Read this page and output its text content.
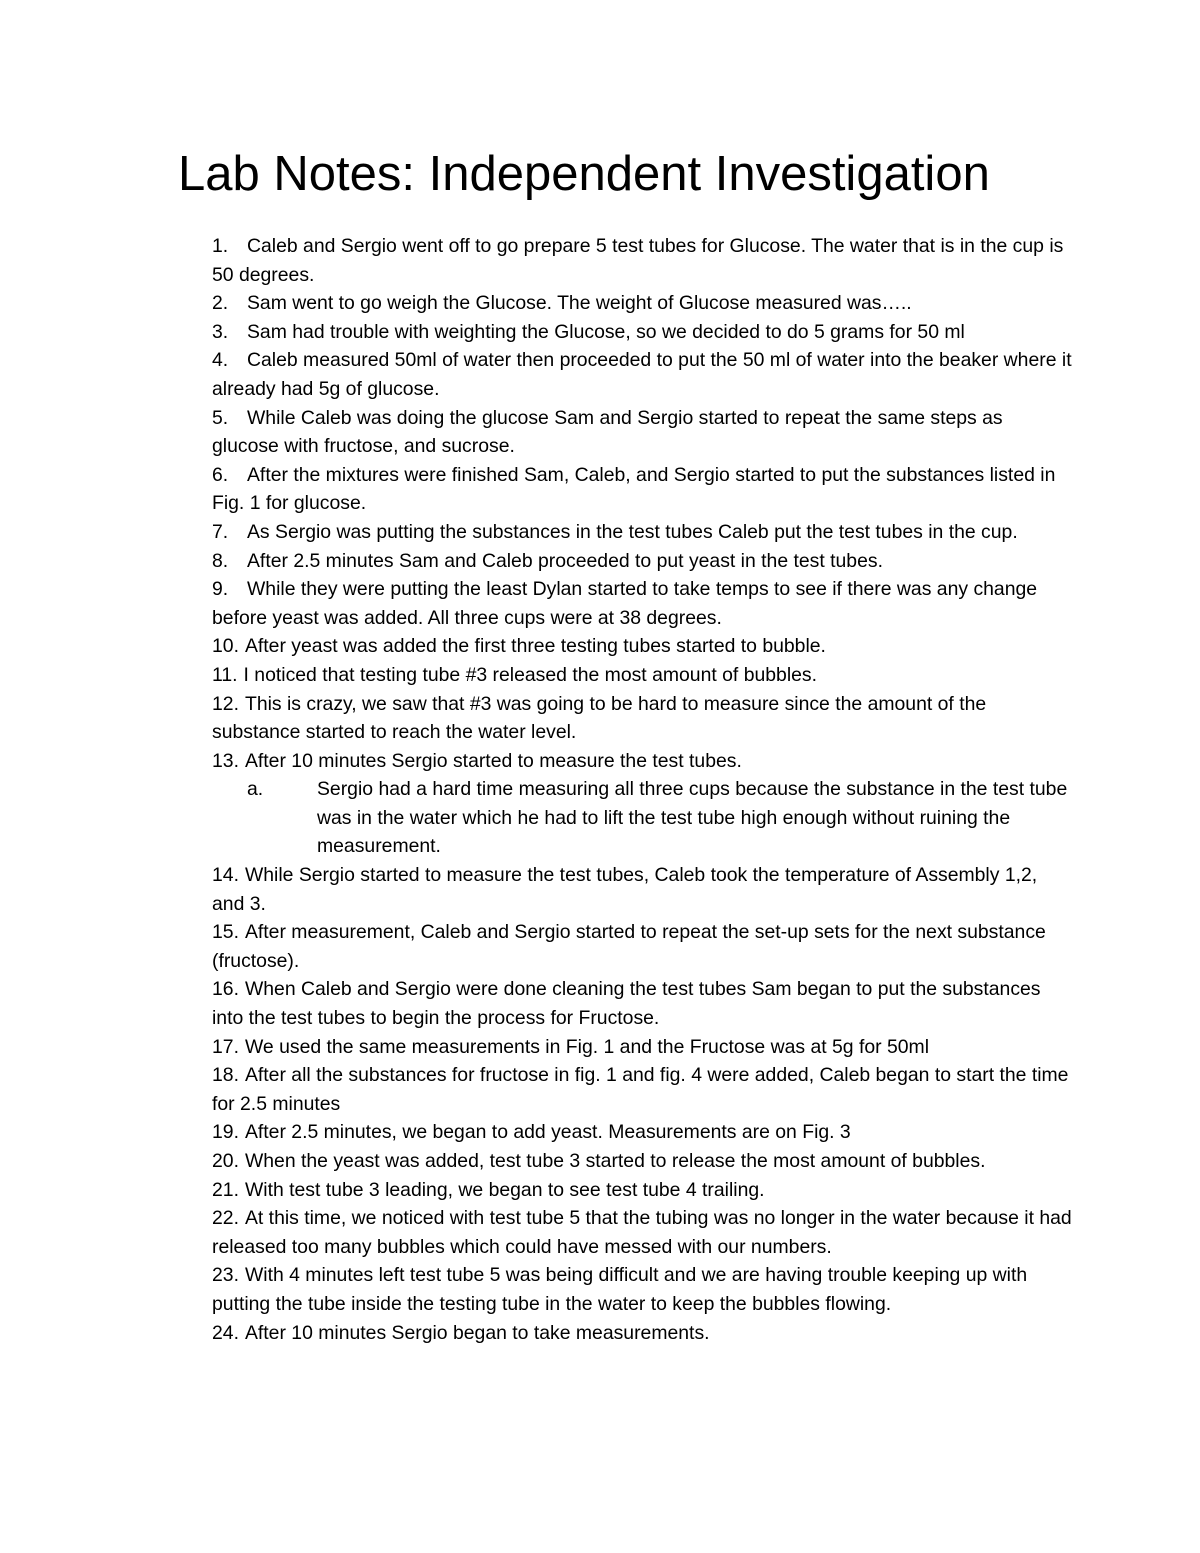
Lab Notes: Independent Investigation
1. Caleb and Sergio went off to go prepare 5 test tubes for Glucose. The water that is in the cup is 50 degrees.
2. Sam went to go weigh the Glucose. The weight of Glucose measured was…..
3. Sam had trouble with weighting the Glucose, so we decided to do 5 grams for 50 ml
4. Caleb measured 50ml of water then proceeded to put the 50 ml of water into the beaker where it already had 5g of glucose.
5. While Caleb was doing the glucose Sam and Sergio started to repeat the same steps as glucose with fructose, and sucrose.
6. After the mixtures were finished Sam, Caleb, and Sergio started to put the substances listed in Fig. 1 for glucose.
7. As Sergio was putting the substances in the test tubes Caleb put the test tubes in the cup.
8. After 2.5 minutes Sam and Caleb proceeded to put yeast in the test tubes.
9. While they were putting the least Dylan started to take temps to see if there was any change before yeast was added. All three cups were at 38 degrees.
10. After yeast was added the first three testing tubes started to bubble.
11. I noticed that testing tube #3 released the most amount of bubbles.
12. This is crazy, we saw that #3 was going to be hard to measure since the amount of the substance started to reach the water level.
13. After 10 minutes Sergio started to measure the test tubes.
a.	Sergio had a hard time measuring all three cups because the substance in the test tube was in the water which he had to lift the test tube high enough without ruining the measurement.
14. While Sergio started to measure the test tubes, Caleb took the temperature of Assembly 1,2, and 3.
15. After measurement, Caleb and Sergio started to repeat the set-up sets for the next substance (fructose).
16. When Caleb and Sergio were done cleaning the test tubes Sam began to put the substances into the test tubes to begin the process for Fructose.
17. We used the same measurements in Fig. 1 and the Fructose was at 5g for 50ml
18. After all the substances for fructose in fig. 1 and fig. 4 were added, Caleb began to start the time for 2.5 minutes
19. After 2.5 minutes, we began to add yeast. Measurements are on Fig. 3
20. When the yeast was added, test tube 3 started to release the most amount of bubbles.
21. With test tube 3 leading, we began to see test tube 4 trailing.
22. At this time, we noticed with test tube 5 that the tubing was no longer in the water because it had released too many bubbles which could have messed with our numbers.
23. With 4 minutes left test tube 5 was being difficult and we are having trouble keeping up with putting the tube inside the testing tube in the water to keep the bubbles flowing.
24. After 10 minutes Sergio began to take measurements.
